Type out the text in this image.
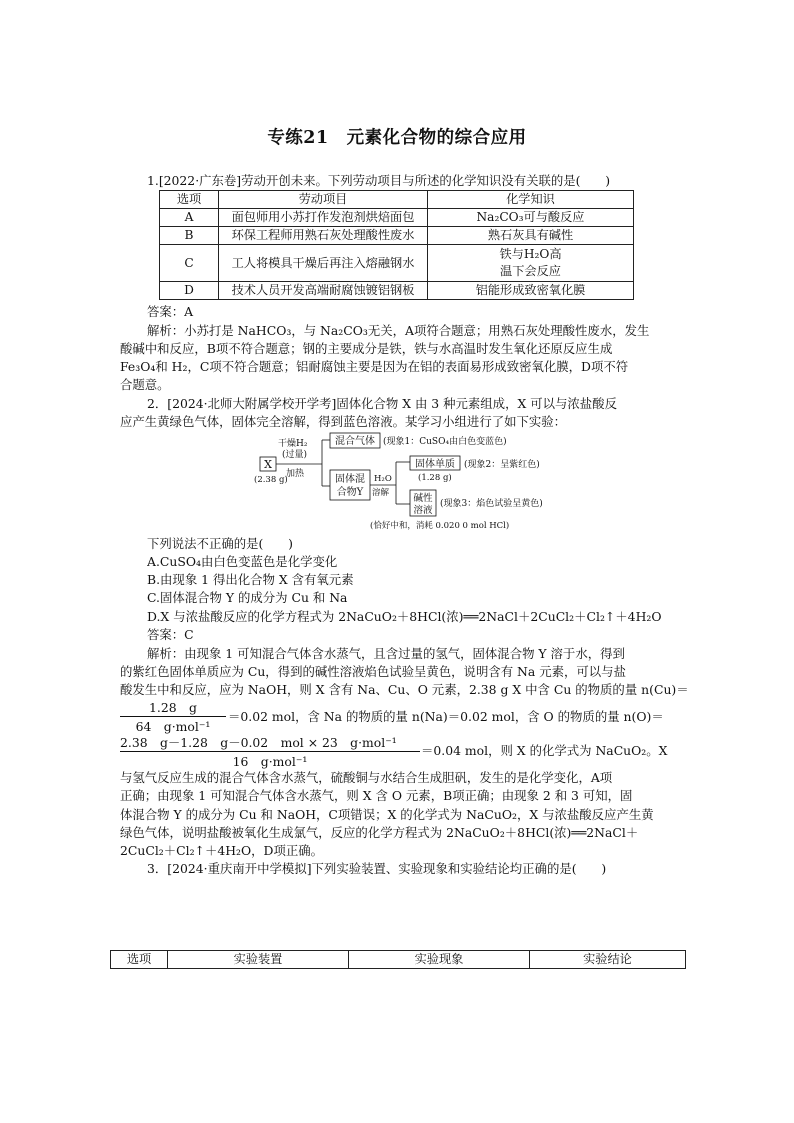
专练21　元素化合物的综合应用
1.[2022·广东卷]劳动开创未来。下列劳动项目与所述的化学知识没有关联的是(　　)
选项	劳动项目	化学知识
A	面包师用小苏打作发泡剂烘焙面包	Na₂CO₃可与酸反应
B	环保工程师用熟石灰处理酸性废水	熟石灰具有碱性
C	工人将模具干燥后再注入熔融钢水	铁与H₂O高
温下会反应

D	技术人员开发高端耐腐蚀镀铝钢板	铝能形成致密氧化膜
答案：A
解析：小苏打是 NaHCO₃，与 Na₂CO₃无关，A项符合题意；用熟石灰处理酸性废水，发生
酸碱中和反应，B项不符合题意；钢的主要成分是铁，铁与水高温时发生氧化还原反应生成
Fe₃O₄和 H₂，C项不符合题意；铝耐腐蚀主要是因为在铝的表面易形成致密氧化膜，D项不符
合题意。
2．[2024·北师大附属学校开学考]固体化合物 X 由 3 种元素组成，X 可以与浓盐酸反
应产生黄绿色气体，固体完全溶解，得到蓝色溶液。某学习小组进行了如下实验：
X
(2.38 g)
干燥H₂
(过量)
加热
混合气体 (现象1：CuSO₄由白色变蓝色)
固体混
合物Y
H₂O
溶解
固体单质 (现象2：呈紫红色)
(1.28 g)
碱性
溶液
(现象3：焰色试验呈黄色)
(恰好中和，消耗 0.020 0 mol HCl)
下列说法不正确的是(　　)
A.CuSO₄由白色变蓝色是化学变化
B.由现象 1 得出化合物 X 含有氧元素
C.固体混合物 Y 的成分为 Cu 和 Na
D.X 与浓盐酸反应的化学方程式为 2NaCuO₂＋8HCl(浓)══2NaCl＋2CuCl₂＋Cl₂↑＋4H₂O
答案：C
解析：由现象 1 可知混合气体含水蒸气，且含过量的氢气，固体混合物 Y 溶于水，得到
的紫红色固体单质应为 Cu，得到的碱性溶液焰色试验呈黄色，说明含有 Na 元素，可以与盐
酸发生中和反应，应为 NaOH，则 X 含有 Na、Cu、O 元素，2.38 g X 中含 Cu 的物质的量 n(Cu)＝
1.28　g
64　g·mol⁻¹
＝0.02 mol，含 Na 的物质的量 n(Na)＝0.02 mol，含 O 的物质的量 n(O)＝
2.38　g－1.28　g－0.02　mol × 23　g·mol⁻¹
16　g·mol⁻¹
＝0.04 mol，则 X 的化学式为 NaCuO₂。X
与氢气反应生成的混合气体含水蒸气，硫酸铜与水结合生成胆矾，发生的是化学变化，A项
正确；由现象 1 可知混合气体含水蒸气，则 X 含 O 元素，B项正确；由现象 2 和 3 可知，固
体混合物 Y 的成分为 Cu 和 NaOH，C项错误；X 的化学式为 NaCuO₂，X 与浓盐酸反应产生黄
绿色气体，说明盐酸被氧化生成氯气，反应的化学方程式为 2NaCuO₂＋8HCl(浓)══2NaCl＋
2CuCl₂＋Cl₂↑＋4H₂O，D项正确。
3．[2024·重庆南开中学模拟]下列实验装置、实验现象和实验结论均正确的是(　　)
选项	实验装置	实验现象	实验结论
